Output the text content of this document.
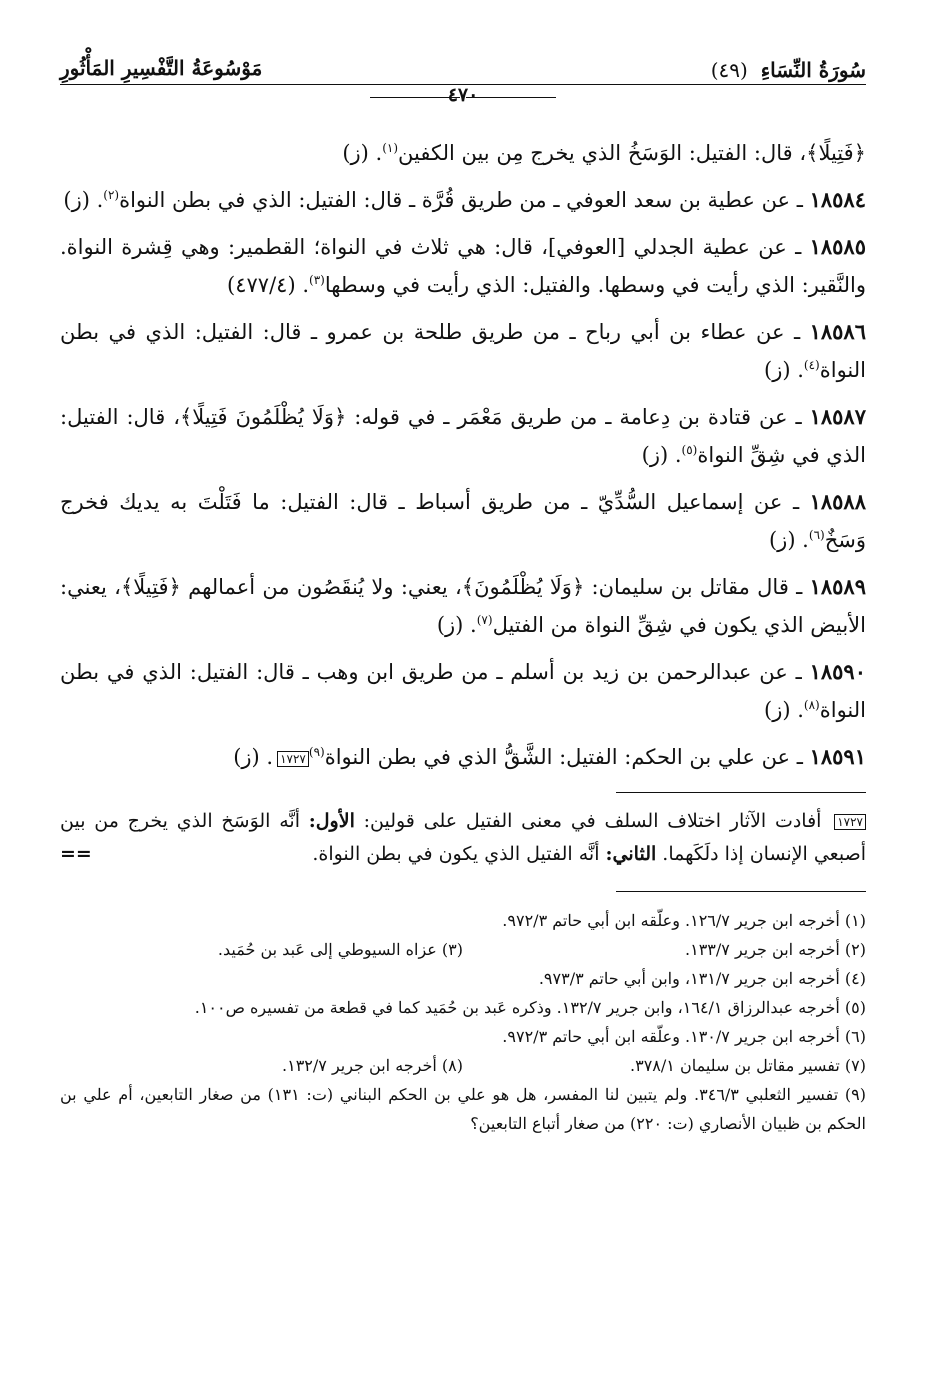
سُورَةُ النِّسَاءِ (٤٩)
مَوْسُوعَةُ التَّفْسِيرِ المَأْثُورِ
٤٧٠

﴿فَتِيلًا﴾، قال: الفتيل: الوَسَخُ الذي يخرج مِن بين الكفين$^{(١)}$. (ز)

١٨٥٨٤ ـ عن عطية بن سعد العوفي ـ من طريق قُرَّة ـ قال: الفتيل: الذي في بطن النواة$^{(٢)}$. (ز)

١٨٥٨٥ ـ عن عطية الجدلي [العوفي]، قال: هي ثلاث في النواة؛ القطمير: وهي قِشرة النواة. والنَّقير: الذي رأيت في وسطها. والفتيل: الذي رأيت في وسطها$^{(٣)}$. (٤٧٧/٤)

١٨٥٨٦ ـ عن عطاء بن أبي رباح ـ من طريق طلحة بن عمرو ـ قال: الفتيل: الذي في بطن النواة$^{(٤)}$. (ز)

١٨٥٨٧ ـ عن قتادة بن دِعامة ـ من طريق مَعْمَر ـ في قوله: ﴿وَلَا يُظْلَمُونَ فَتِيلًا﴾، قال: الفتيل: الذي في شِقِّ النواة$^{(٥)}$. (ز)

١٨٥٨٨ ـ عن إسماعيل السُّدِّيّ ـ من طريق أسباط ـ قال: الفتيل: ما فَتَلْتَ به يديك فخرج وَسَخٌ$^{(٦)}$. (ز)

١٨٥٨٩ ـ قال مقاتل بن سليمان: ﴿وَلَا يُظْلَمُونَ﴾، يعني: ولا يُنقَصُون من أعمالهم ﴿فَتِيلًا﴾، يعني: الأبيض الذي يكون في شِقِّ النواة من الفتيل$^{(٧)}$. (ز)

١٨٥٩٠ ـ عن عبدالرحمن بن زيد بن أسلم ـ من طريق ابن وهب ـ قال: الفتيل: الذي في بطن النواة$^{(٨)}$. (ز)

١٨٥٩١ ـ عن علي بن الحكم: الفتيل: الشَّقُّ الذي في بطن النواة$^{(٩)}$١٧٢٧. (ز)

١٧٢٧ أفادت الآثار اختلاف السلف في معنى الفتيل على قولين: الأول: أنَّه الوَسَخ الذي يخرج من بين أصبعي الإنسان إذا دلَكَهما. الثاني: أنَّه الفتيل الذي يكون في بطن النواة.
==
(١) أخرجه ابن جرير ١٢٦/٧. وعلّقه ابن أبي حاتم ٩٧٢/٣.
(٢) أخرجه ابن جرير ١٣٣/٧.
(٣) عزاه السيوطي إلى عَبد بن حُمَيد.
(٤) أخرجه ابن جرير ١٣١/٧، وابن أبي حاتم ٩٧٣/٣.
(٥) أخرجه عبدالرزاق ١٦٤/١، وابن جرير ١٣٢/٧. وذكره عَبد بن حُمَيد كما في قطعة من تفسيره ص١٠٠.
(٦) أخرجه ابن جرير ١٣٠/٧. وعلّقه ابن أبي حاتم ٩٧٢/٣.
(٧) تفسير مقاتل بن سليمان ٣٧٨/١.
(٨) أخرجه ابن جرير ١٣٢/٧.
(٩) تفسير الثعلبي ٣٤٦/٣. ولم يتبين لنا المفسر، هل هو علي بن الحكم البناني (ت: ١٣١) من صغار التابعين، أم علي بن الحكم بن ظبيان الأنصاري (ت: ٢٢٠) من صغار أتباع التابعين؟
